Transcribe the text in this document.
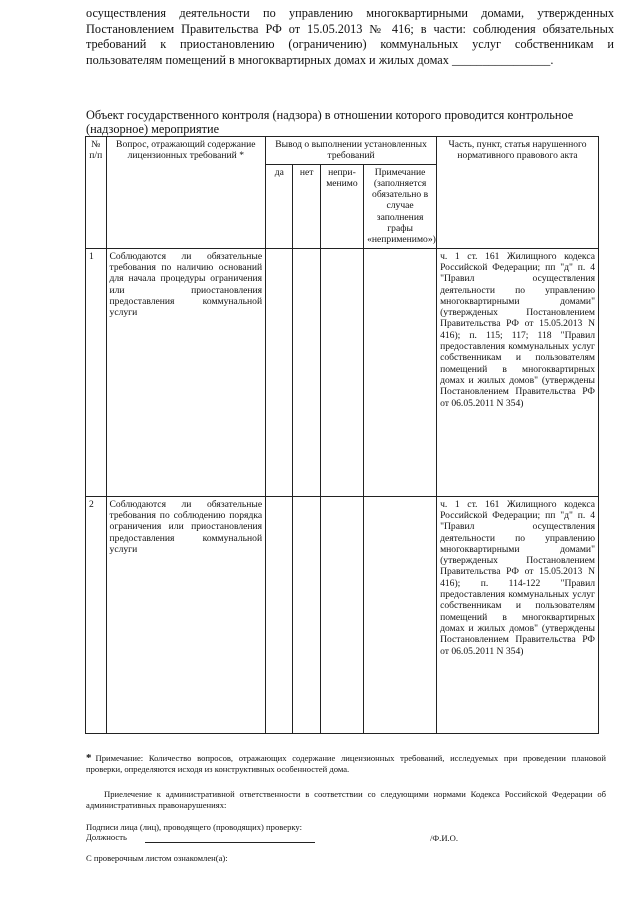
осуществления деятельности по управлению многоквартирными домами, утвержденных Постановлением Правительства РФ от 15.05.2013 № 416; в части: соблюдения обязательных требований к приостановлению (ограничению) коммунальных услуг собственникам и пользователям помещений в многоквартирных домах и жилых домах ________________.
Объект государственного контроля (надзора) в отношении которого проводится контрольное (надзорное) мероприятие
№ п/п	Вопрос, отражающий содержание лицензионных требований *	Вывод о выполнении установленных требований				Часть, пункт, статья нарушенного нормативного правового акта
		да	нет	непри-менимо	Примечание (заполняется обязательно в случае заполнения графы «неприменимо»)	
1	Соблюдаются ли обязательные требования по наличию оснований для начала процедуры ограничения или приостановления предоставления коммунальной услуги					ч. 1 ст. 161 Жилищного кодекса Российской Федерации; пп "д" п. 4 "Правил осуществления деятельности по управлению многоквартирными домами" (утвержденых Постановлением Правительства РФ от 15.05.2013 N 416); п. 115; 117; 118 "Правил предоставления коммунальных услуг собственникам и пользователям помещений в многоквартирных домах и жилых домов" (утверждены Постановлением Правительства РФ от 06.05.2011 N 354)
2	Соблюдаются ли обязательные требования по соблюдению порядка ограничения или приостановления предоставления коммунальной услуги					ч. 1 ст. 161 Жилищного кодекса Российской Федерации; пп "д" п. 4 "Правил осуществления деятельности по управлению многоквартирными домами" (утвержденых Постановлением Правительства РФ от 15.05.2013 N 416); п. 114-122 "Правил предоставления коммунальных услуг собственникам и пользователям помещений в многоквартирных домах и жилых домов" (утверждены Постановлением Правительства РФ от 06.05.2011 N 354)
* Примечание: Количество вопросов, отражающих содержание лицензионных требований, исследуемых при проведении плановой проверки, определяются исходя из конструктивных особенностей дома.
Приелечение к административной ответственности в соответствии со следующими нормами Кодекса Российской Федерации об административных правонарушениях:
Подписи лица (лиц), проводящего (проводящих) проверку:
Должность	/Ф.И.О.
С проверочным листом ознакомлен(а):
